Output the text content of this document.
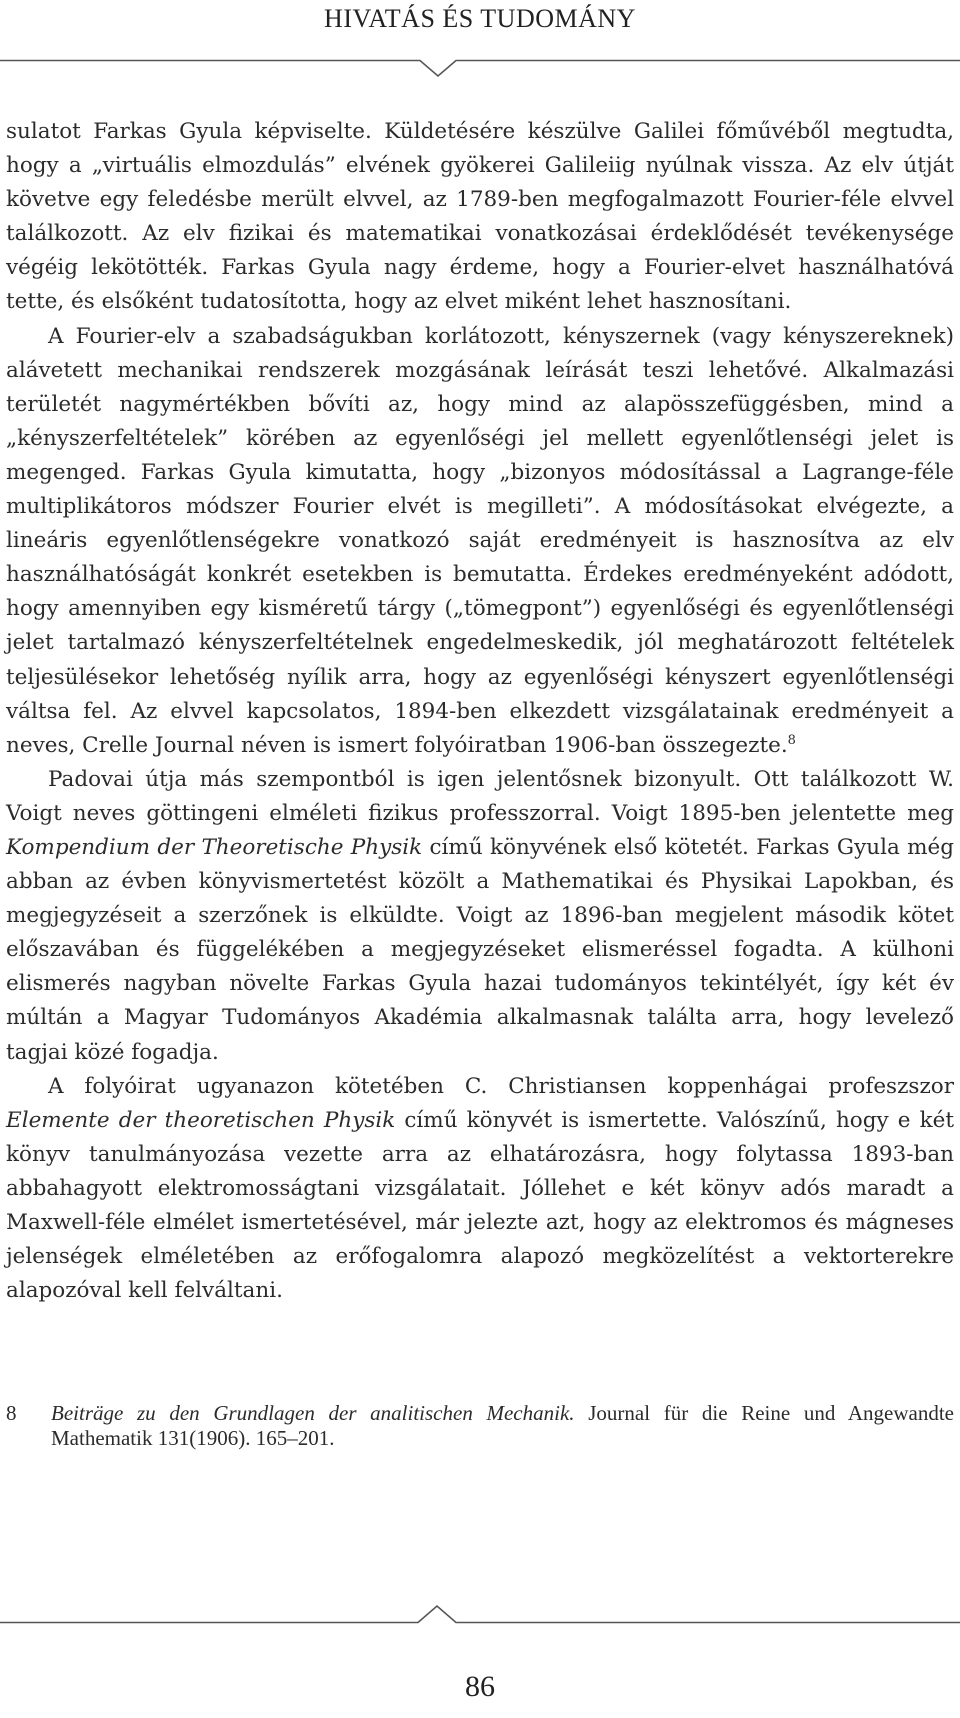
HIVATÁS ÉS TUDOMÁNY

sulatot Farkas Gyula képviselte. Küldetésére készülve Galilei főművéből megtudta, hogy a „virtuális elmozdulás” elvének gyökerei Galileiig nyúlnak vissza. Az elv útját követve egy feledésbe merült elvvel, az 1789-ben megfogalmazott Fourier-féle elvvel találkozott. Az elv fizikai és matematikai vonatkozásai érdeklődését tevékenysége végéig lekötötték. Farkas Gyula nagy érdeme, hogy a Fourier-elvet használhatóvá tette, és elsőként tudatosította, hogy az elvet miként lehet hasznosítani.

A Fourier-elv a szabadságukban korlátozott, kényszernek (vagy kényszereknek) alávetett mechanikai rendszerek mozgásának leírását teszi lehetővé. Alkalmazási területét nagymértékben bővíti az, hogy mind az alapösszefüggésben, mind a „kényszerfeltételek” körében az egyenlőségi jel mellett egyenlőtlenségi jelet is megenged. Farkas Gyula kimutatta, hogy „bizonyos módosítással a Lagrange-féle multiplikátoros módszer Fourier elvét is megilleti”. A módosításokat elvégezte, a lineáris egyenlőtlenségekre vonatkozó saját eredményeit is hasznosítva az elv használhatóságát konkrét esetekben is bemutatta. Érdekes eredményeként adódott, hogy amennyiben egy kisméretű tárgy („tömegpont”) egyenlőségi és egyenlőtlenségi jelet tartalmazó kényszerfeltételnek engedelmeskedik, jól meghatározott feltételek teljesülésekor lehetőség nyílik arra, hogy az egyenlőségi kényszert egyenlőtlenségi váltsa fel. Az elvvel kapcsolatos, 1894-ben elkezdett vizsgálatainak eredményeit a neves, Crelle Journal néven is ismert folyóiratban 1906-ban összegezte.$^8$

Padovai útja más szempontból is igen jelentősnek bizonyult. Ott találkozott W. Voigt neves göttingeni elméleti fizikus professzorral. Voigt 1895-ben jelentette meg Kompendium der Theoretische Physik című könyvének első kötetét. Farkas Gyula még abban az évben könyvismertetést közölt a Mathematikai és Physikai Lapokban, és megjegyzéseit a szerzőnek is elküldte. Voigt az 1896-ban megjelent második kötet előszavában és függelékében a megjegyzéseket elismeréssel fogadta. A külhoni elismerés nagyban növelte Farkas Gyula hazai tudományos tekintélyét, így két év múltán a Magyar Tudományos Akadémia alkalmasnak találta arra, hogy levelező tagjai közé fogadja.

A folyóirat ugyanazon kötetében C. Christiansen koppenhágai profeszszor Elemente der theoretischen Physik című könyvét is ismertette. Valószínű, hogy e két könyv tanulmányozása vezette arra az elhatározásra, hogy folytassa 1893-ban abbahagyott elektromosságtani vizsgálatait. Jóllehet e két könyv adós maradt a Maxwell-féle elmélet ismertetésével, már jelezte azt, hogy az elektromos és mágneses jelenségek elméletében az erőfogalomra alapozó megközelítést a vektorterekre alapozóval kell felváltani.

8	Beiträge zu den Grundlagen der analitischen Mechanik. Journal für die Reine und Angewandte Mathematik 131(1906). 165–201.
86
